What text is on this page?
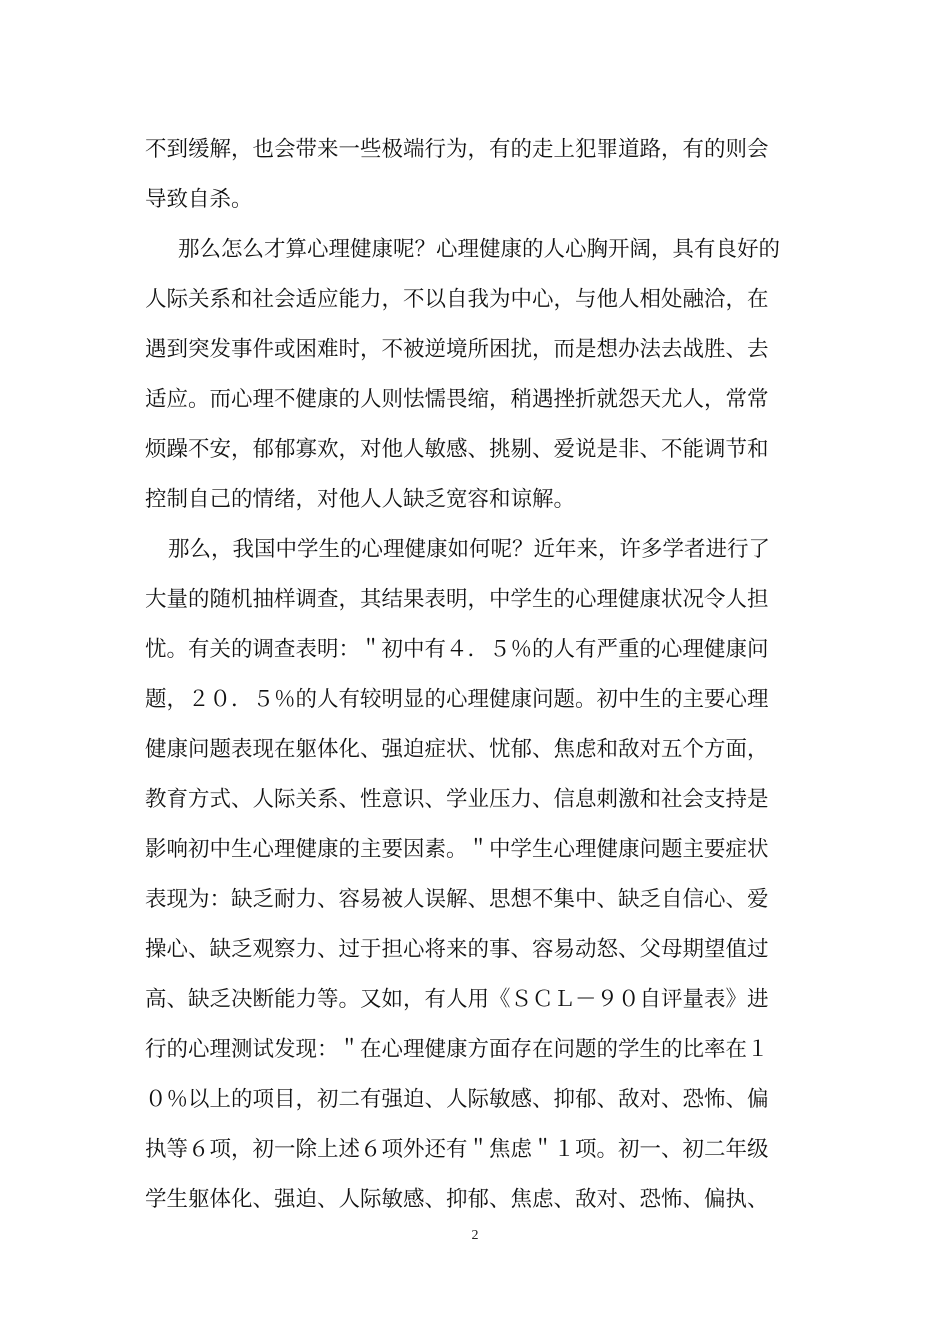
不到缓解，也会带来一些极端行为，有的走上犯罪道路，有的则会
导致自杀。
那么怎么才算心理健康呢？心理健康的人心胸开阔，具有良好的
人际关系和社会适应能力，不以自我为中心，与他人相处融洽，在
遇到突发事件或困难时，不被逆境所困扰，而是想办法去战胜、去
适应。而心理不健康的人则怯懦畏缩，稍遇挫折就怨天尤人，常常
烦躁不安，郁郁寡欢，对他人敏感、挑剔、爱说是非、不能调节和
控制自己的情绪，对他人人缺乏宽容和谅解。
那么，我国中学生的心理健康如何呢？近年来，许多学者进行了
大量的随机抽样调查，其结果表明，中学生的心理健康状况令人担
忧。有关的调查表明：＂初中有４．５％的人有严重的心理健康问
题，２０．５％的人有较明显的心理健康问题。初中生的主要心理
健康问题表现在躯体化、强迫症状、忧郁、焦虑和敌对五个方面，
教育方式、人际关系、性意识、学业压力、信息刺激和社会支持是
影响初中生心理健康的主要因素。＂中学生心理健康问题主要症状
表现为：缺乏耐力、容易被人误解、思想不集中、缺乏自信心、爱
操心、缺乏观察力、过于担心将来的事、容易动怒、父母期望值过
高、缺乏决断能力等。又如，有人用《ＳＣＬ－９０自评量表》进
行的心理测试发现：＂在心理健康方面存在问题的学生的比率在１
０％以上的项目，初二有强迫、人际敏感、抑郁、敌对、恐怖、偏
执等６项，初一除上述６项外还有＂焦虑＂１项。初一、初二年级
学生躯体化、强迫、人际敏感、抑郁、焦虑、敌对、恐怖、偏执、
2
